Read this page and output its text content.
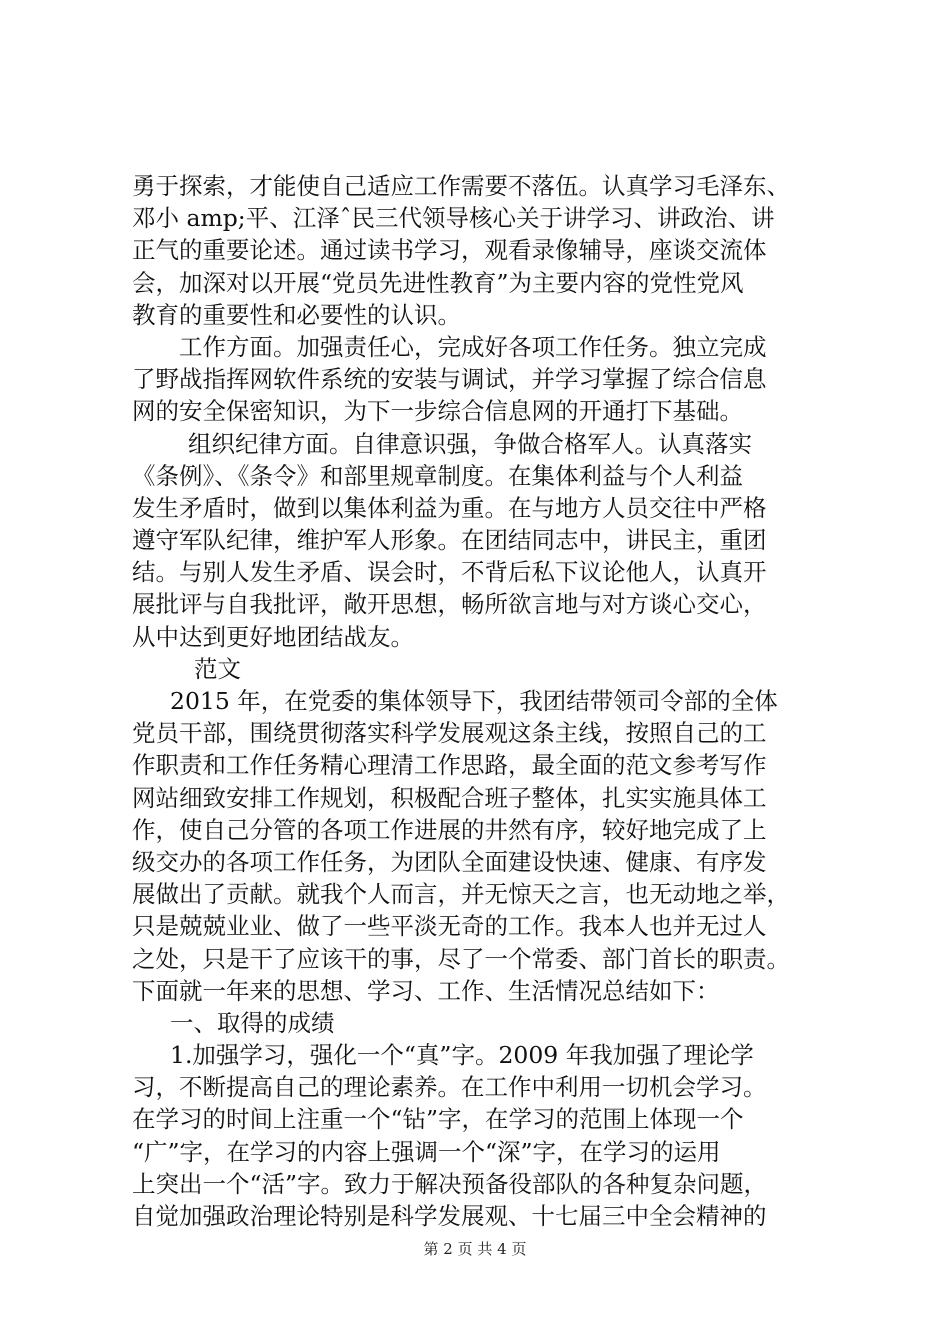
勇于探索，才能使自己适应工作需要不落伍。认真学习毛泽东、
邓小 amp;平、江泽ˆ民三代领导核心关于讲学习、讲政治、讲
正气的重要论述。通过读书学习，观看录像辅导，座谈交流体
会，加深对以开展“党员先进性教育”为主要内容的党性党风
教育的重要性和必要性的认识。
工作方面。加强责任心，完成好各项工作任务。独立完成
了野战指挥网软件系统的安装与调试，并学习掌握了综合信息
网的安全保密知识，为下一步综合信息网的开通打下基础。
组织纪律方面。自律意识强，争做合格军人。认真落实
《条例》、《条令》和部里规章制度。在集体利益与个人利益
发生矛盾时，做到以集体利益为重。在与地方人员交往中严格
遵守军队纪律，维护军人形象。在团结同志中，讲民主，重团
结。与别人发生矛盾、误会时，不背后私下议论他人，认真开
展批评与自我批评，敞开思想，畅所欲言地与对方谈心交心，
从中达到更好地团结战友。
范文
2015 年，在党委的集体领导下，我团结带领司令部的全体
党员干部，围绕贯彻落实科学发展观这条主线，按照自己的工
作职责和工作任务精心理清工作思路，最全面的范文参考写作
网站细致安排工作规划，积极配合班子整体，扎实实施具体工
作，使自己分管的各项工作进展的井然有序，较好地完成了上
级交办的各项工作任务，为团队全面建设快速、健康、有序发
展做出了贡献。就我个人而言，并无惊天之言，也无动地之举，
只是兢兢业业、做了一些平淡无奇的工作。我本人也并无过人
之处，只是干了应该干的事，尽了一个常委、部门首长的职责。
下面就一年来的思想、学习、工作、生活情况总结如下：
一、取得的成绩
1.加强学习，强化一个“真”字。2009 年我加强了理论学
习，不断提高自己的理论素养。在工作中利用一切机会学习。
在学习的时间上注重一个“钻”字，在学习的范围上体现一个
“广”字，在学习的内容上强调一个“深”字，在学习的运用
上突出一个“活”字。致力于解决预备役部队的各种复杂问题，
自觉加强政治理论特别是科学发展观、十七届三中全会精神的
第 2 页 共 4 页
